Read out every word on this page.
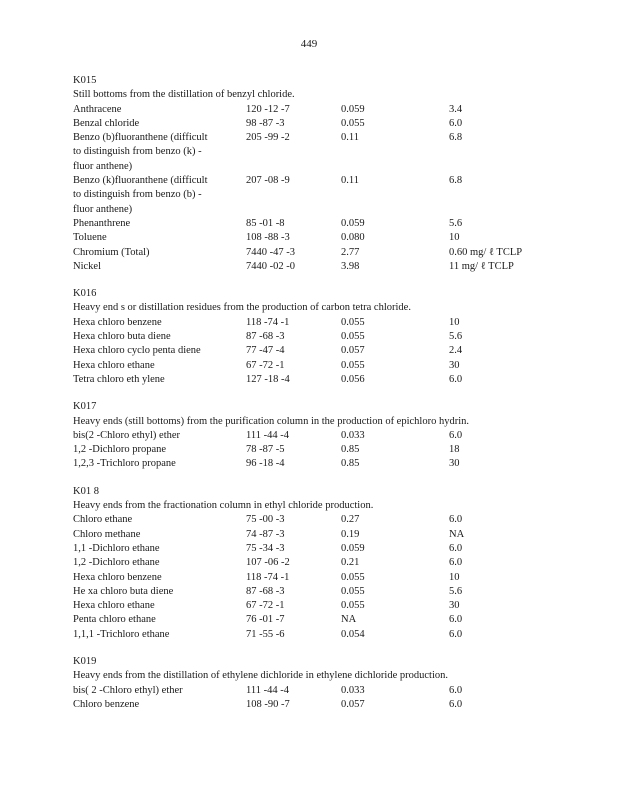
449
K015
Still bottoms from the distillation of benzyl chloride.
Anthracene	120 -12 -7	0.059	3.4
Benzal chloride	98 -87 -3	0.055	6.0
Benzo (b)fluoranthene (difficult
to distinguish from benzo (k) -
fluor anthene)
205 -99 -2	0.11	6.8
Benzo (k)fluoranthene (difficult
to distinguish from benzo (b) -
fluor anthene)
207 -08 -9	0.11	6.8
Phenanthrene	85 -01 -8	0.059	5.6
Toluene	108 -88 -3	0.080	10
Chromium (Total)	7440 -47 -3	2.77	0.60 mg/ ℓ TCLP
Nickel	7440 -02 -0	3.98	11 mg/ ℓ TCLP
K016
Heavy end s or distillation residues from the production of carbon tetra chloride.
Hexa chloro benzene	118 -74 -1	0.055	10
Hexa chloro buta diene	87 -68 -3	0.055	5.6
Hexa chloro cyclo penta diene	77 -47 -4	0.057	2.4
Hexa chloro ethane	67 -72 -1	0.055	30
Tetra chloro eth ylene	127 -18 -4	0.056	6.0
K017
Heavy ends (still bottoms) from the purification column in the production of epichloro hydrin.
bis(2 -Chloro ethyl) ether	111 -44 -4	0.033	6.0
1,2 -Dichloro propane	78 -87 -5	0.85	18
1,2,3 -Trichloro propane	96 -18 -4	0.85	30
K01 8
Heavy ends from the fractionation column in ethyl chloride production.
Chloro ethane	75 -00 -3	0.27	6.0
Chloro methane	74 -87 -3	0.19	NA
1,1 -Dichloro ethane	75 -34 -3	0.059	6.0
1,2 -Dichloro ethane	107 -06 -2	0.21	6.0
Hexa chloro benzene	118 -74 -1	0.055	10
He xa chloro buta diene	87 -68 -3	0.055	5.6
Hexa chloro ethane	67 -72 -1	0.055	30
Penta chloro ethane	76 -01 -7	NA	6.0
1,1,1 -Trichloro ethane	71 -55 -6	0.054	6.0
K019
Heavy ends from the distillation of ethylene dichloride in ethylene dichloride production.
bis( 2 -Chloro ethyl) ether	111 -44 -4	0.033	6.0
Chloro benzene	108 -90 -7	0.057	6.0
